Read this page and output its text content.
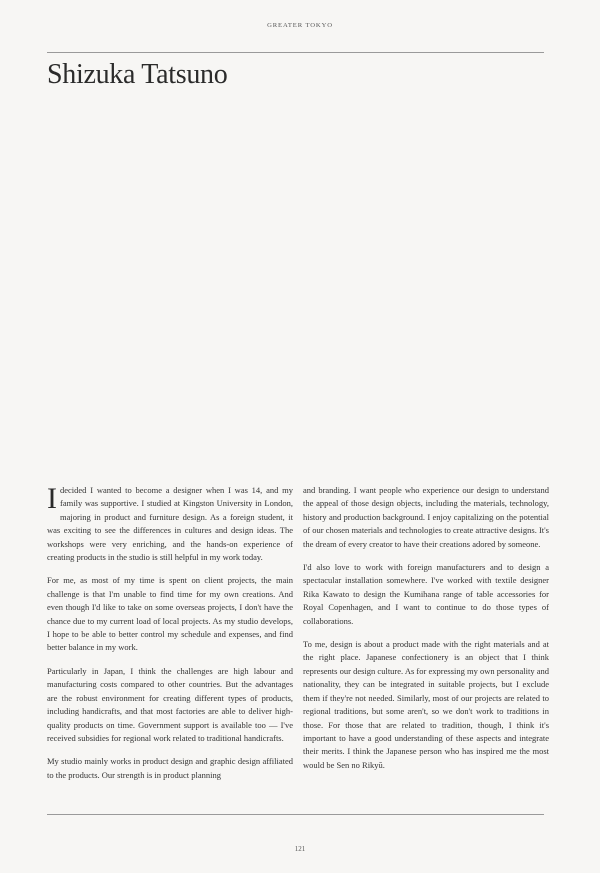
GREATER TOKYO
Shizuka Tatsuno

Idecided I wanted to become a designer when I was 14, and my family was supportive. I studied at Kingston University in London, majoring in product and furniture design. As a foreign student, it was exciting to see the differences in cultures and design ideas. The workshops were very enriching, and the hands-on experience of creating products in the studio is still helpful in my work today.

For me, as most of my time is spent on client projects, the main challenge is that I'm unable to find time for my own creations. And even though I'd like to take on some overseas projects, I don't have the chance due to my current load of local projects. As my studio develops, I hope to be able to better control my schedule and expenses, and find better balance in my work.

Particularly in Japan, I think the challenges are high labour and manufacturing costs compared to other countries. But the advantages are the robust environment for creating different types of products, including handicrafts, and that most factories are able to deliver high-quality products on time. Government support is available too — I've received subsidies for regional work related to traditional handicrafts.

My studio mainly works in product design and graphic design affiliated to the products. Our strength is in product planning

and branding. I want people who experience our design to understand the appeal of those design objects, including the materials, technology, history and production background. I enjoy capitalizing on the potential of our chosen materials and technologies to create attractive designs. It's the dream of every creator to have their creations adored by someone.

I'd also love to work with foreign manufacturers and to design a spectacular installation somewhere. I've worked with textile designer Rika Kawato to design the Kumihana range of table accessories for Royal Copenhagen, and I want to continue to do those types of collaborations.

To me, design is about a product made with the right materials and at the right place. Japanese confectionery is an object that I think represents our design culture. As for expressing my own personality and nationality, they can be integrated in suitable projects, but I exclude them if they're not needed. Similarly, most of our projects are related to regional traditions, but some aren't, so we don't work to traditions in those. For those that are related to tradition, though, I think it's important to have a good understanding of these aspects and integrate their merits. I think the Japanese person who has inspired me the most would be Sen no Rikyū.

121
